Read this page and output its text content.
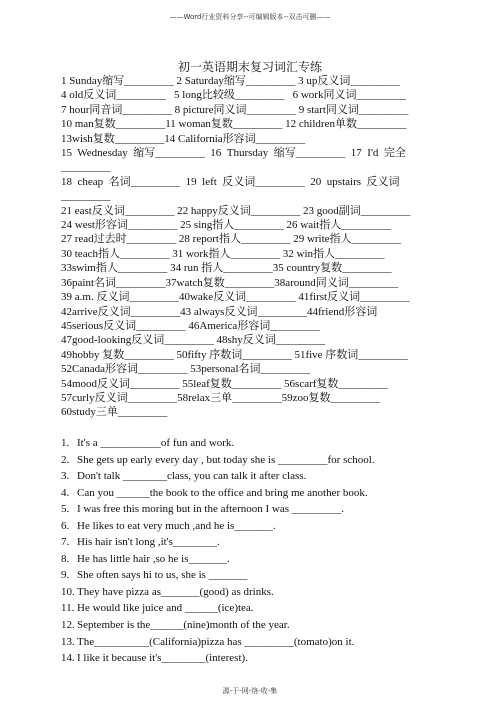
——Word行业资料分享--可编辑版本--双击可删——
初一英语期末复习词汇专练
1 Sunday缩写_________ 2 Saturday缩写_________ 3 up反义词_________
4 old反义词_________   5 long比较级_________   6 work同义词_________
7 hour同音词_________ 8 picture同义词_________ 9 start同义词_________
10 man复数_________11 woman复数_________ 12 children单数_________
13wish复数_________14 California形容词_________
15  Wednesday  缩写_________  16  Thursday  缩写_________  17  I'd  完全
_________
18  cheap  名词_________  19  left  反义词_________  20  upstairs  反义词
_________
21 east反义词_________ 22 happy反义词_________ 23 good副词_________
24 west形容词_________ 25 sing指人_________ 26 wait指人_________
27 read过去时_________ 28 report指人_________ 29 write指人_________
30 teach指人_________ 31 work指人_________ 32 win指人_________
33swim指人_________ 34 run 指人_________35 country复数_________
36paint名词_________37watch复数_________38around同义词_________
39 a.m. 反义词_________40wake反义词_________ 41first反义词_________
42arrive反义词_________43 always反义词_________44friend形容词
45serious反义词_________ 46America形容词_________
47good-looking反义词_________ 48shy反义词_________
49hobby 复数_________ 50fifty 序数词_________ 51five 序数词_________
52Canada形容词_________ 53personal名词_________
54mood反义词_________ 55leaf复数_________ 56scarf复数_________
57curly反义词_________58relax三单_________59zoo复数_________
60study三单_________
1. It's a ___________of fun and work.
2. She gets up early every day , but today she is _________for school.
3. Don't talk ________class, you can talk it after class.
4. Can you ______the book to the office and bring me another book.
5. I was free this moring but in the afternoon I was _________.
6. He likes to eat very much ,and he is_______.
7. His hair isn't long ,it's________.
8. He has little hair ,so he is_______.
9. She often says hi to us, she is _______
10. They have pizza as_______(good) as drinks.
11. He would like juice and ______(ice)tea.
12. September is the______(nine)month of the year.
13. The__________(California)pizza has _________(tomato)on it.
14. I like it because it's________(interest).
源-于-网-络-收-集
